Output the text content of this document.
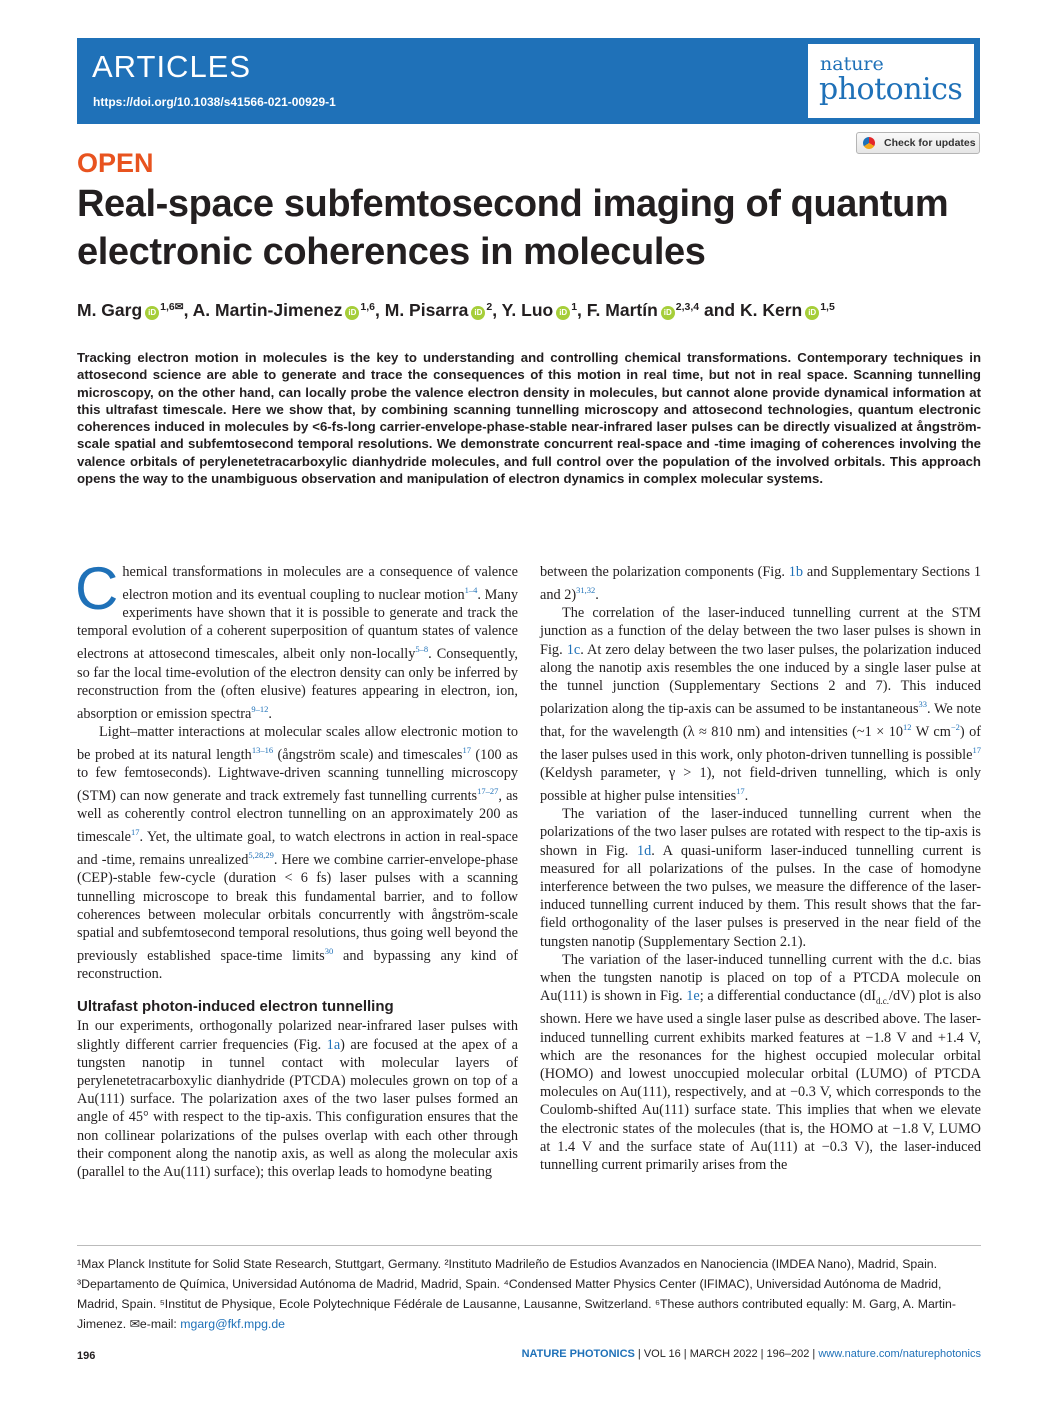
ARTICLES
https://doi.org/10.1038/s41566-021-00929-1
nature
photonics
Check for updates
OPEN
Real-space subfemtosecond imaging of quantum electronic coherences in molecules
M. Garg iD $^{1,6✉}$, A. Martin-Jimenez iD $^{1,6}$, M. Pisarra iD $^2$, Y. Luo iD $^1$, F. Martín iD $^{2,3,4}$ and K. Kern iD $^{1,5}$

Tracking electron motion in molecules is the key to understanding and controlling chemical transformations. Contemporary techniques in attosecond science are able to generate and trace the consequences of this motion in real time, but not in real space. Scanning tunnelling microscopy, on the other hand, can locally probe the valence electron density in molecules, but cannot alone provide dynamical information at this ultrafast timescale. Here we show that, by combining scanning tunnelling microscopy and attosecond technologies, quantum electronic coherences induced in molecules by <6-fs-long carrier-envelope-phase-stable near-infrared laser pulses can be directly visualized at ångström-scale spatial and subfemtosecond temporal resolutions. We demonstrate concurrent real-space and -time imaging of coherences involving the valence orbitals of perylenetetracarboxylic dianhydride molecules, and full control over the population of the involved orbitals. This approach opens the way to the unambiguous observation and manipulation of electron dynamics in complex molecular systems.

Chemical transformations in molecules are a consequence of valence electron motion and its eventual coupling to nuclear motion$^{1-4}$. Many experiments have shown that it is possible to generate and track the temporal evolution of a coherent superposition of quantum states of valence electrons at attosecond timescales, albeit only non-locally$^{5-8}$. Consequently, so far the local time-evolution of the electron density can only be inferred by reconstruction from the (often elusive) features appearing in electron, ion, absorption or emission spectra$^{9-12}$.

Light–matter interactions at molecular scales allow electronic motion to be probed at its natural length$^{13-16}$ (ångström scale) and timescales$^{17}$ (100 as to few femtoseconds). Lightwave-driven scanning tunnelling microscopy (STM) can now generate and track extremely fast tunnelling currents$^{17-27}$, as well as coherently control electron tunnelling on an approximately 200 as timescale$^{17}$. Yet, the ultimate goal, to watch electrons in action in real-space and -time, remains unrealized$^{5,28,29}$. Here we combine carrier-envelope-phase (CEP)-stable few-cycle (duration < 6 fs) laser pulses with a scanning tunnelling microscope to break this fundamental barrier, and to follow coherences between molecular orbitals concurrently with ångström-scale spatial and subfemtosecond temporal resolutions, thus going well beyond the previously established space-time limits$^{30}$ and bypassing any kind of reconstruction.

Ultrafast photon-induced electron tunnelling

In our experiments, orthogonally polarized near-infrared laser pulses with slightly different carrier frequencies (Fig. 1a) are focused at the apex of a tungsten nanotip in tunnel contact with molecular layers of perylenetetracarboxylic dianhydride (PTCDA) molecules grown on top of a Au(111) surface. The polarization axes of the two laser pulses formed an angle of 45° with respect to the tip-axis. This configuration ensures that the non collinear polarizations of the pulses overlap with each other through their component along the nanotip axis, as well as along the molecular axis (parallel to the Au(111) surface); this overlap leads to homodyne beating

between the polarization components (Fig. 1b and Supplementary Sections 1 and 2)$^{31,32}$.

The correlation of the laser-induced tunnelling current at the STM junction as a function of the delay between the two laser pulses is shown in Fig. 1c. At zero delay between the two laser pulses, the polarization induced along the nanotip axis resembles the one induced by a single laser pulse at the tunnel junction (Supplementary Sections 2 and 7). This induced polarization along the tip-axis can be assumed to be instantaneous$^{33}$. We note that, for the wavelength (λ ≈ 810 nm) and intensities (~1 × 10$^{12}$ W cm$^{-2}$) of the laser pulses used in this work, only photon-driven tunnelling is possible$^{17}$ (Keldysh parameter, γ > 1), not field-driven tunnelling, which is only possible at higher pulse intensities$^{17}$.

The variation of the laser-induced tunnelling current when the polarizations of the two laser pulses are rotated with respect to the tip-axis is shown in Fig. 1d. A quasi-uniform laser-induced tunnelling current is measured for all polarizations of the pulses. In the case of homodyne interference between the two pulses, we measure the difference of the laser-induced tunnelling current induced by them. This result shows that the far-field orthogonality of the laser pulses is preserved in the near field of the tungsten nanotip (Supplementary Section 2.1).

The variation of the laser-induced tunnelling current with the d.c. bias when the tungsten nanotip is placed on top of a PTCDA molecule on Au(111) is shown in Fig. 1e; a differential conductance $(dI_{d.c.}/dV)$ plot is also shown. Here we have used a single laser pulse as described above. The laser-induced tunnelling current exhibits marked features at −1.8 V and +1.4 V, which are the resonances for the highest occupied molecular orbital (HOMO) and lowest unoccupied molecular orbital (LUMO) of PTCDA molecules on Au(111), respectively, and at −0.3 V, which corresponds to the Coulomb-shifted Au(111) surface state. This implies that when we elevate the electronic states of the molecules (that is, the HOMO at −1.8 V, LUMO at 1.4 V and the surface state of Au(111) at −0.3 V), the laser-induced tunnelling current primarily arises from the

¹Max Planck Institute for Solid State Research, Stuttgart, Germany. ²Instituto Madrileño de Estudios Avanzados en Nanociencia (IMDEA Nano), Madrid, Spain. ³Departamento de Química, Universidad Autónoma de Madrid, Madrid, Spain. ⁴Condensed Matter Physics Center (IFIMAC), Universidad Autónoma de Madrid, Madrid, Spain. ⁵Institut de Physique, Ecole Polytechnique Fédérale de Lausanne, Lausanne, Switzerland. ⁶These authors contributed equally: M. Garg, A. Martin-Jimenez. ✉e-mail: mgarg@fkf.mpg.de

196	NATURE PHOTONICS | VOL 16 | MARCH 2022 | 196–202 | www.nature.com/naturephotonics
